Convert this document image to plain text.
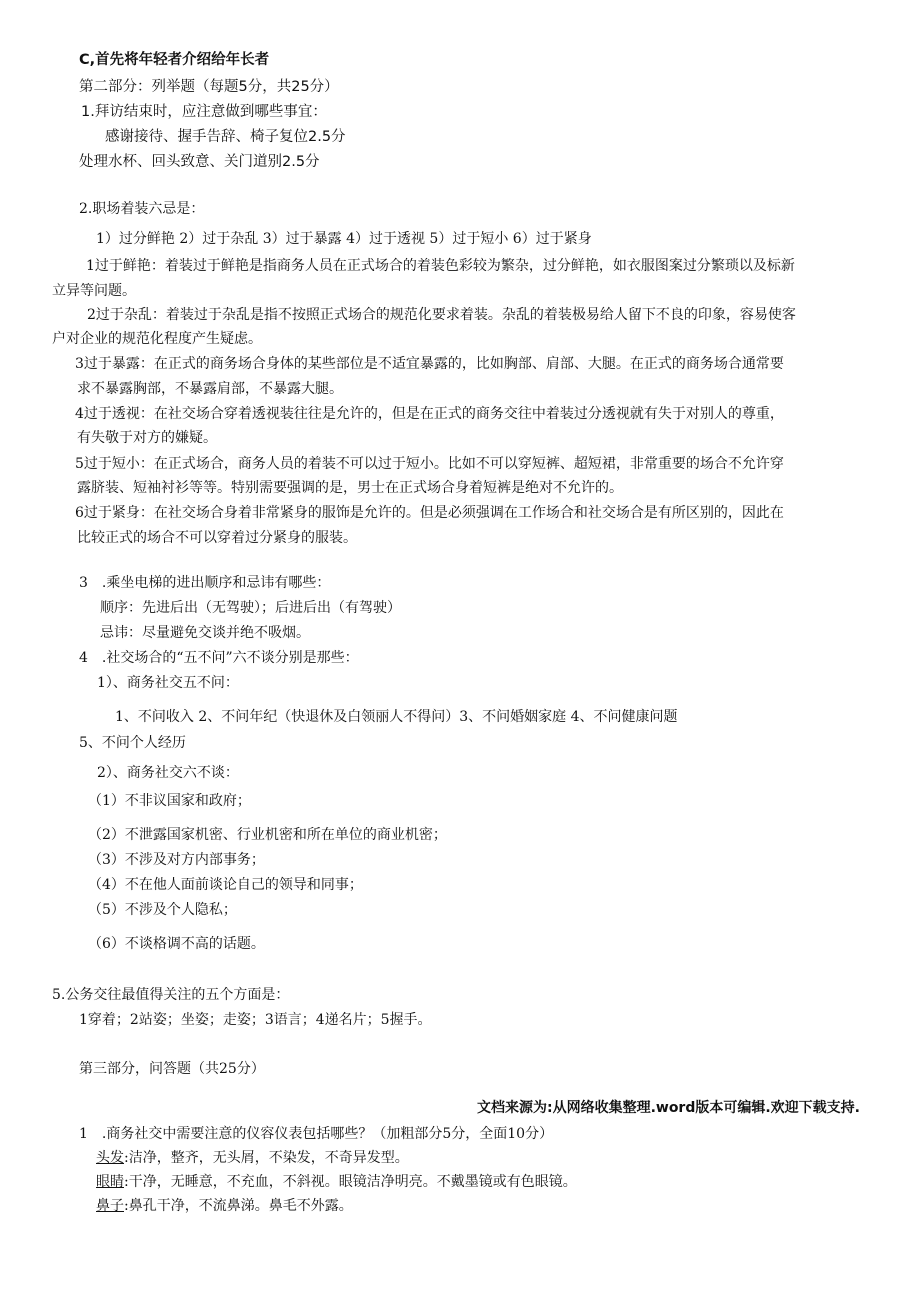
C,首先将年轻者介绍给年长者
第二部分：列举题（每题5分，共25分）
1.拜访结束时，应注意做到哪些事宜：
感谢接待、握手告辞、椅子复位2.5分
处理水杯、回头致意、关门道别2.5分
2.职场着装六忌是：
1）过分鲜艳 2）过于杂乱 3）过于暴露 4）过于透视 5）过于短小 6）过于紧身
1过于鲜艳：着装过于鲜艳是指商务人员在正式场合的着装色彩较为繁杂，过分鲜艳，如衣服图案过分繁琐以及标新
立异等问题。
2过于杂乱：着装过于杂乱是指不按照正式场合的规范化要求着装。杂乱的着装极易给人留下不良的印象，容易使客
户对企业的规范化程度产生疑虑。
3过于暴露：在正式的商务场合身体的某些部位是不适宜暴露的，比如胸部、肩部、大腿。在正式的商务场合通常要
求不暴露胸部，不暴露肩部，不暴露大腿。
4过于透视：在社交场合穿着透视装往往是允许的，但是在正式的商务交往中着装过分透视就有失于对别人的尊重，
有失敬于对方的嫌疑。
5过于短小：在正式场合，商务人员的着装不可以过于短小。比如不可以穿短裤、超短裙，非常重要的场合不允许穿
露脐装、短袖衬衫等等。特别需要强调的是，男士在正式场合身着短裤是绝对不允许的。
6过于紧身：在社交场合身着非常紧身的服饰是允许的。但是必须强调在工作场合和社交场合是有所区别的，因此在
比较正式的场合不可以穿着过分紧身的服装。
3　.乘坐电梯的进出顺序和忌讳有哪些：
顺序：先进后出（无驾驶）；后进后出（有驾驶）
忌讳：尽量避免交谈并绝不吸烟。
4　.社交场合的“五不问”六不谈分别是那些：
1）、商务社交五不问：
1、不问收入 2、不问年纪（快退休及白领丽人不得问）3、不问婚姻家庭 4、不问健康问题
5、不问个人经历
2）、商务社交六不谈：
（1）不非议国家和政府；
（2）不泄露国家机密、行业机密和所在单位的商业机密；
（3）不涉及对方内部事务；
（4）不在他人面前谈论自己的领导和同事；
（5）不涉及个人隐私；
（6）不谈格调不高的话题。
5.公务交往最值得关注的五个方面是：
1穿着；2站姿；坐姿；走姿；3语言；4递名片；5握手。
第三部分，问答题（共25分）
文档来源为:从网络收集整理.word版本可编辑.欢迎下载支持.
1　.商务社交中需要注意的仪容仪表包括哪些？（加粗部分5分，全面10分）
头发:洁净，整齐，无头屑，不染发，不奇异发型。
眼睛:干净，无睡意，不充血，不斜视。眼镜洁净明亮。不戴墨镜或有色眼镜。
鼻子:鼻孔干净，不流鼻涕。鼻毛不外露。
